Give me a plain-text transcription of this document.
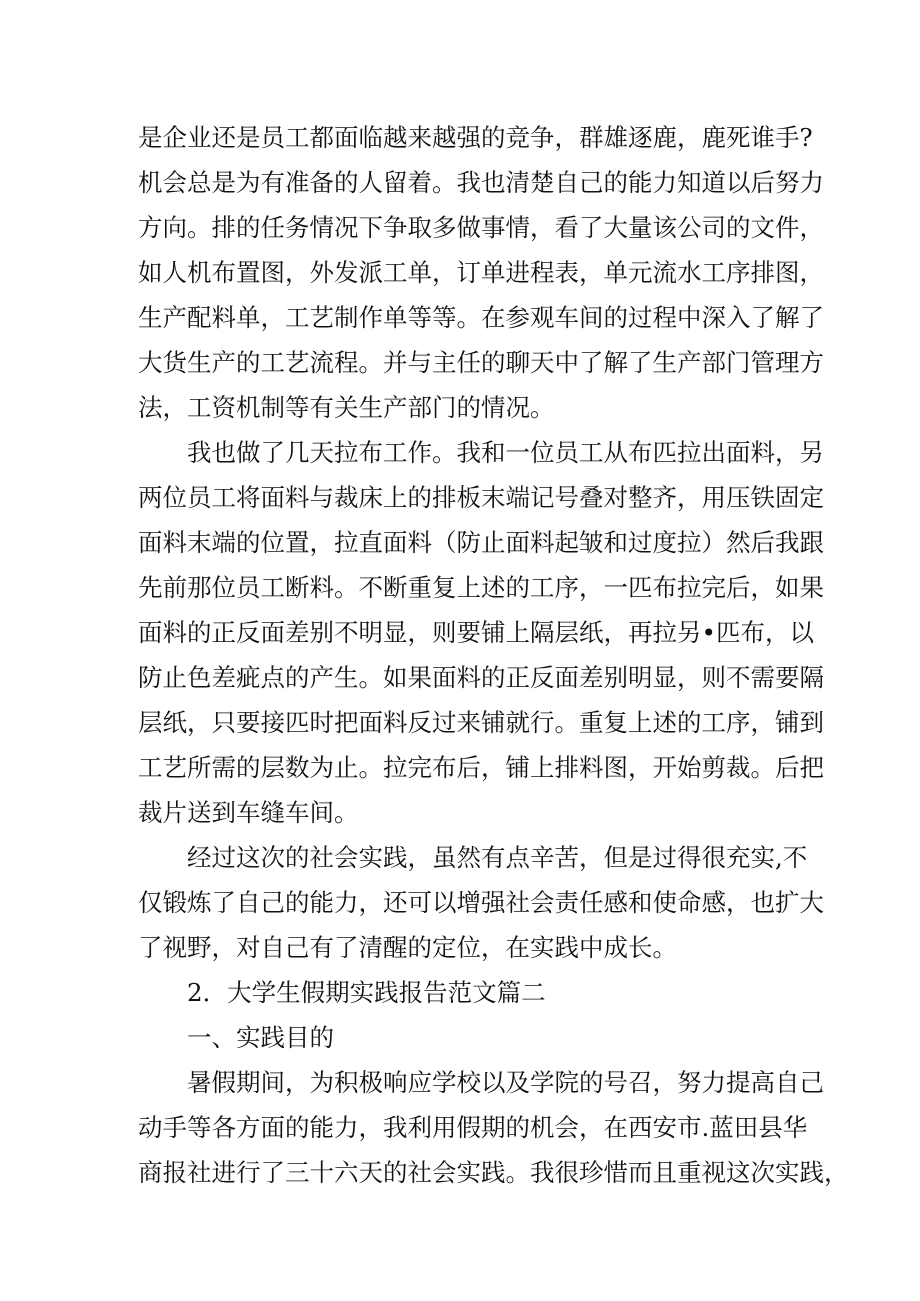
是企业还是员工都面临越来越强的竞争，群雄逐鹿，鹿死谁手?
机会总是为有准备的人留着。我也清楚自己的能力知道以后努力
方向。排的任务情况下争取多做事情，看了大量该公司的文件，
如人机布置图，外发派工单，订单进程表，单元流水工序排图，
生产配料单，工艺制作单等等。在参观车间的过程中深入了解了
大货生产的工艺流程。并与主任的聊天中了解了生产部门管理方
法，工资机制等有关生产部门的情况。
我也做了几天拉布工作。我和一位员工从布匹拉出面料，另
两位员工将面料与裁床上的排板末端记号叠对整齐，用压铁固定
面料末端的位置，拉直面料（防止面料起皱和过度拉）然后我跟
先前那位员工断料。不断重复上述的工序，一匹布拉完后，如果
面料的正反面差别不明显，则要铺上隔层纸，再拉另•匹布，以
防止色差疵点的产生。如果面料的正反面差别明显，则不需要隔
层纸，只要接匹时把面料反过来铺就行。重复上述的工序，铺到
工艺所需的层数为止。拉完布后，铺上排料图，开始剪裁。后把
裁片送到车缝车间。
经过这次的社会实践，虽然有点辛苦，但是过得很充实,不
仅锻炼了自己的能力，还可以增强社会责任感和使命感，也扩大
了视野，对自己有了清醒的定位，在实践中成长。
2．大学生假期实践报告范文篇二
一、实践目的
暑假期间，为积极响应学校以及学院的号召，努力提高自己
动手等各方面的能力，我利用假期的机会，在西安市.蓝田县华
商报社进行了三十六天的社会实践。我很珍惜而且重视这次实践，
